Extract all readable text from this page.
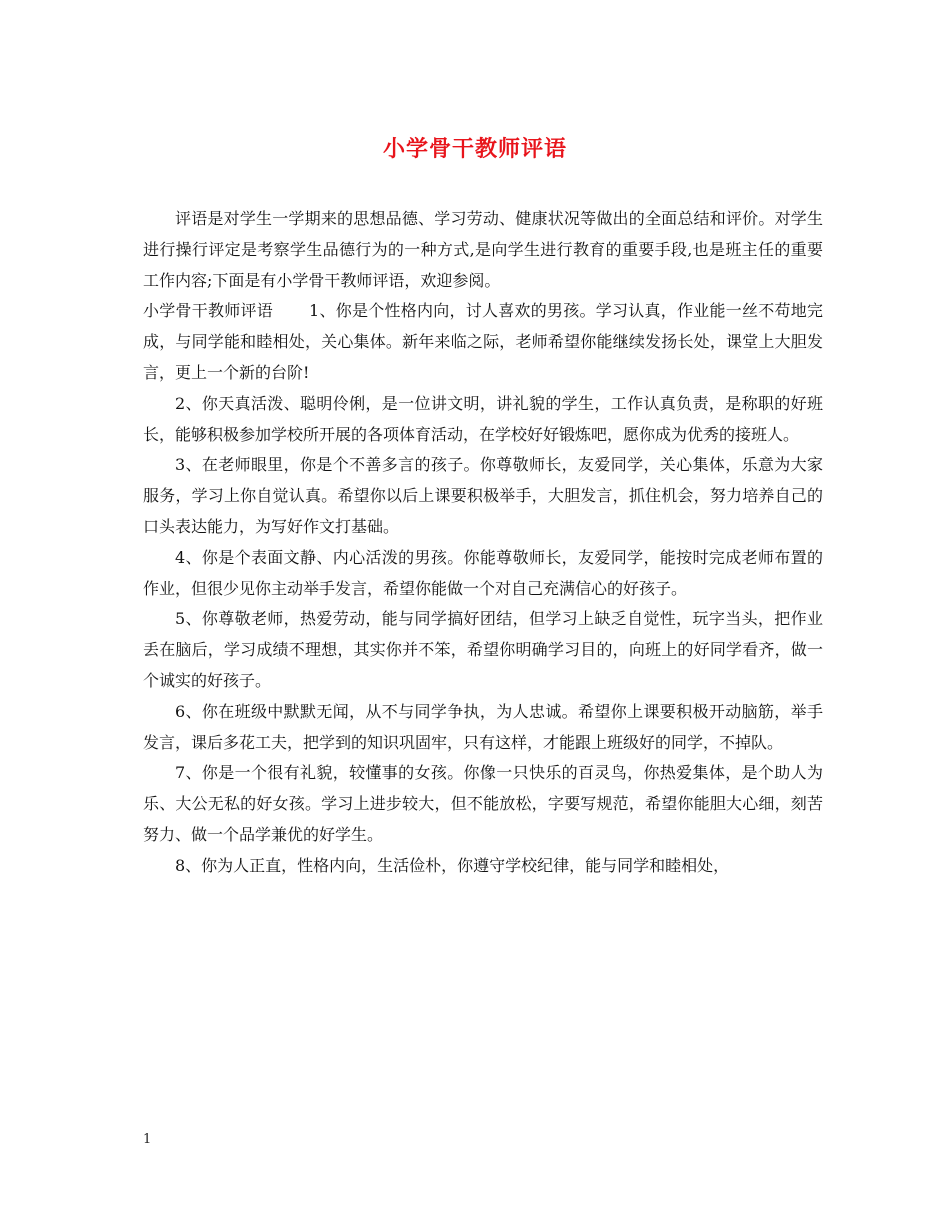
小学骨干教师评语

评语是对学生一学期来的思想品德、学习劳动、健康状况等做出的全面总结和评价。对学生进行操行评定是考察学生品德行为的一种方式,是向学生进行教育的重要手段,也是班主任的重要工作内容;下面是有小学骨干教师评语，欢迎参阅。

小学骨干教师评语 1、你是个性格内向，讨人喜欢的男孩。学习认真，作业能一丝不苟地完成，与同学能和睦相处，关心集体。新年来临之际，老师希望你能继续发扬长处，课堂上大胆发言，更上一个新的台阶!

2、你天真活泼、聪明伶俐，是一位讲文明，讲礼貌的学生，工作认真负责，是称职的好班长，能够积极参加学校所开展的各项体育活动，在学校好好锻炼吧，愿你成为优秀的接班人。

3、在老师眼里，你是个不善多言的孩子。你尊敬师长，友爱同学，关心集体，乐意为大家服务，学习上你自觉认真。希望你以后上课要积极举手，大胆发言，抓住机会，努力培养自己的口头表达能力，为写好作文打基础。

4、你是个表面文静、内心活泼的男孩。你能尊敬师长，友爱同学，能按时完成老师布置的作业，但很少见你主动举手发言，希望你能做一个对自己充满信心的好孩子。

5、你尊敬老师，热爱劳动，能与同学搞好团结，但学习上缺乏自觉性，玩字当头，把作业丢在脑后，学习成绩不理想，其实你并不笨，希望你明确学习目的，向班上的好同学看齐，做一个诚实的好孩子。

6、你在班级中默默无闻，从不与同学争执，为人忠诚。希望你上课要积极开动脑筋，举手发言，课后多花工夫，把学到的知识巩固牢，只有这样，才能跟上班级好的同学，不掉队。

7、你是一个很有礼貌，较懂事的女孩。你像一只快乐的百灵鸟，你热爱集体，是个助人为乐、大公无私的好女孩。学习上进步较大，但不能放松，字要写规范，希望你能胆大心细，刻苦努力、做一个品学兼优的好学生。

8、你为人正直，性格内向，生活俭朴，你遵守学校纪律，能与同学和睦相处，

1
